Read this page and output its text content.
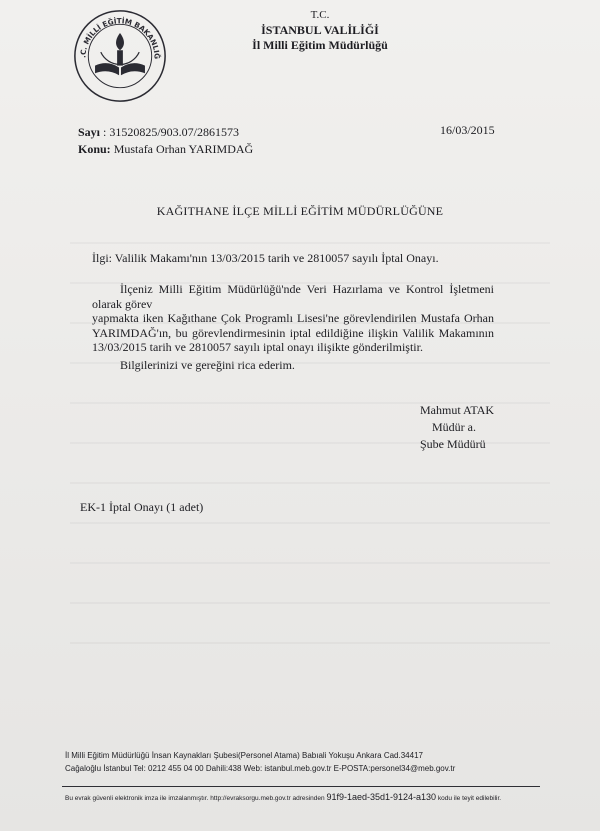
.C. MİLLİ EĞİTİM BAKANLIĞ
T.C.
İSTANBUL VALİLİĞİ
İl Milli Eğitim Müdürlüğü
Sayı : 31520825/903.07/2861573
Konu: Mustafa Orhan YARIMDAĞ
16/03/2015
KAĞITHANE İLÇE MİLLİ EĞİTİM MÜDÜRLÜĞÜNE
İlgi: Valilik Makamı'nın 13/03/2015 tarih ve 2810057 sayılı İptal Onayı.

İlçeniz Milli Eğitim Müdürlüğü'nde Veri Hazırlama ve Kontrol İşletmeni olarak görev

yapmakta iken Kağıthane Çok Programlı Lisesi'ne görevlendirilen Mustafa Orhan YARIMDAĞ'ın, bu görevlendirmesinin iptal edildiğine ilişkin Valilik Makamının 13/03/2015 tarih ve 2810057 sayılı iptal onayı ilişikte gönderilmiştir.

Bilgilerinizi ve gereğini rica ederim.
Mahmut ATAK
Müdür a.
Şube Müdürü
EK-1 İptal Onayı (1 adet)
İl Milli Eğitim Müdürlüğü İnsan Kaynakları Şubesi(Personel Atama) Babıali Yokuşu Ankara Cad.34417
Cağaloğlu İstanbul Tel: 0212 455 04 00 Dahili:438 Web: istanbul.meb.gov.tr E-POSTA:personel34@meb.gov.tr
Bu evrak güvenli elektronik imza ile imzalanmıştır. http://evraksorgu.meb.gov.tr adresinden 91f9-1aed-35d1-9124-a130 kodu ile teyit edilebilir.
